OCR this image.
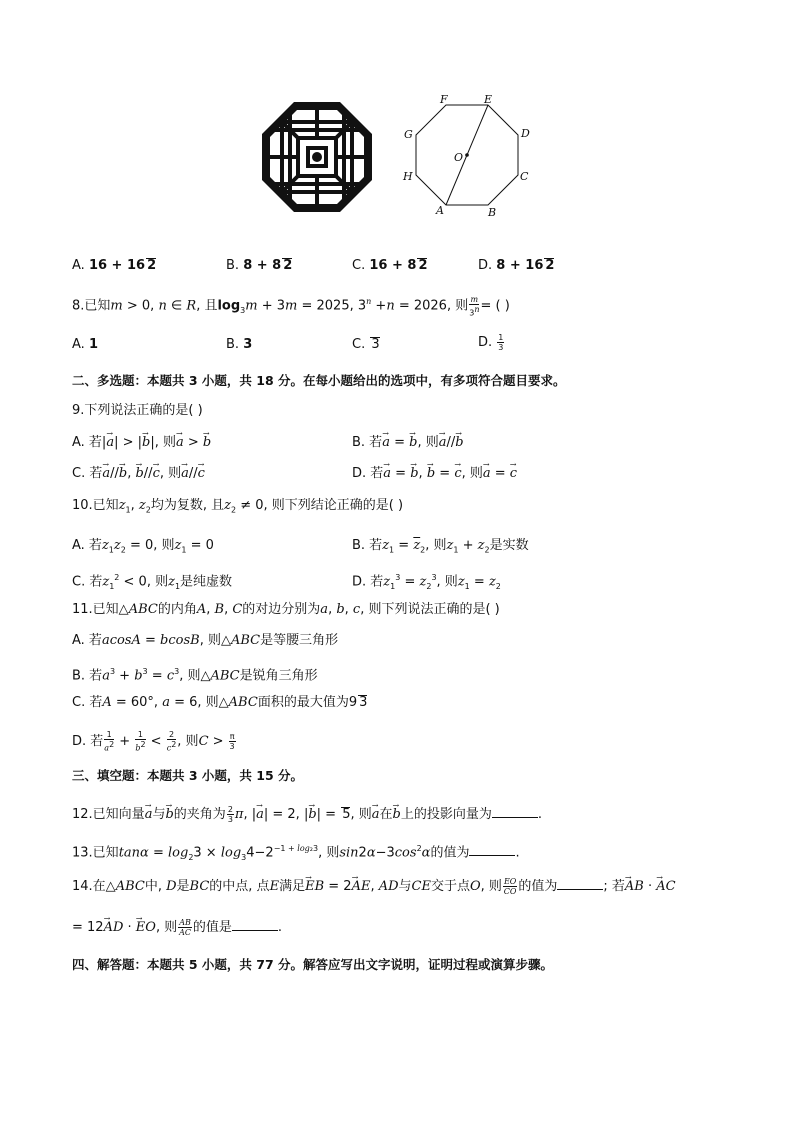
F	E
D
C
B
A
H
G
O
A. 16 + 16 2	B. 8 + 8 2	C. 16 + 8 2	D. 8 + 16 2
8.已知m > 0, n ∈ R, 且$\log_3m + 3m = 2025$, $3^n +n = 2026$, 则 $\frac{m}{3^n}$ = ( )
A. 1	B. 3	C. 3	D. $\frac{1}{3}$
二、多选题：本题共 3 小题，共 18 分。在每小题给出的选项中，有多项符合题目要求。
9.下列说法正确的是( )
A. 若|→ a| > |→ b|, 则→ a > → b	B. 若→ a = → b, 则→ a//→ b
C. 若→ a//→ b, → b//→ c, 则→ a//→ c	D. 若→ a = → b, → b = → c, 则→ a = → c
10.已知$z_1$, $z_2$均为复数, 且$z_2 \ne 0$, 则下列结论正确的是( )
A. 若$z_1z_2 = 0$, 则$z_1 = 0$	B. 若$z_1 = \overline{z}_2$, 则$z_1 + z_2$是实数
C. 若$z_1^2 < 0$, 则$z_1$是纯虚数	D. 若$z_1^3 = z_2^3$, 则$z_1 = z_2$
11.已知△ABC的内角A, B, C的对边分别为a, b, c, 则下列说法正确的是( )
A. 若acosA = bcosB, 则△ABC是等腰三角形
B. 若$a^3 + b^3 = c^3$, 则△ABC是锐角三角形
C. 若A = 60°, a = 6, 则△ABC面积的最大值为9 3
D. 若 $\frac{1}{a^2} + \frac{1}{b^2} < \frac{2}{c^2}$ , 则$C > \frac{\pi}{3}$
三、填空题：本题共 3 小题，共 15 分。
12.已知向量→ a与→ b的夹角为 $\frac{2}{3} \pi$, |→ a| = 2, |→ b| = 5, 则→ a在→ b上的投影向量为	.
13.已知$\tan\alpha = \log_23 \times \log_34-2^{-1 + log_23}$, 则$\sin 2\alpha-3\cos^2\alpha$的值为	.
14.在△ABC中, D是BC的中点, 点E满足→ EB = 2→ AE, AD与CE交于点O, 则 $\frac{EO}{CO}$ 的值为	; 若→ AB · → AC
= 12→ AD · → EO, 则 $\frac{AB}{AC}$ 的值是	.
四、解答题：本题共 5 小题，共 77 分。解答应写出文字说明，证明过程或演算步骤。
